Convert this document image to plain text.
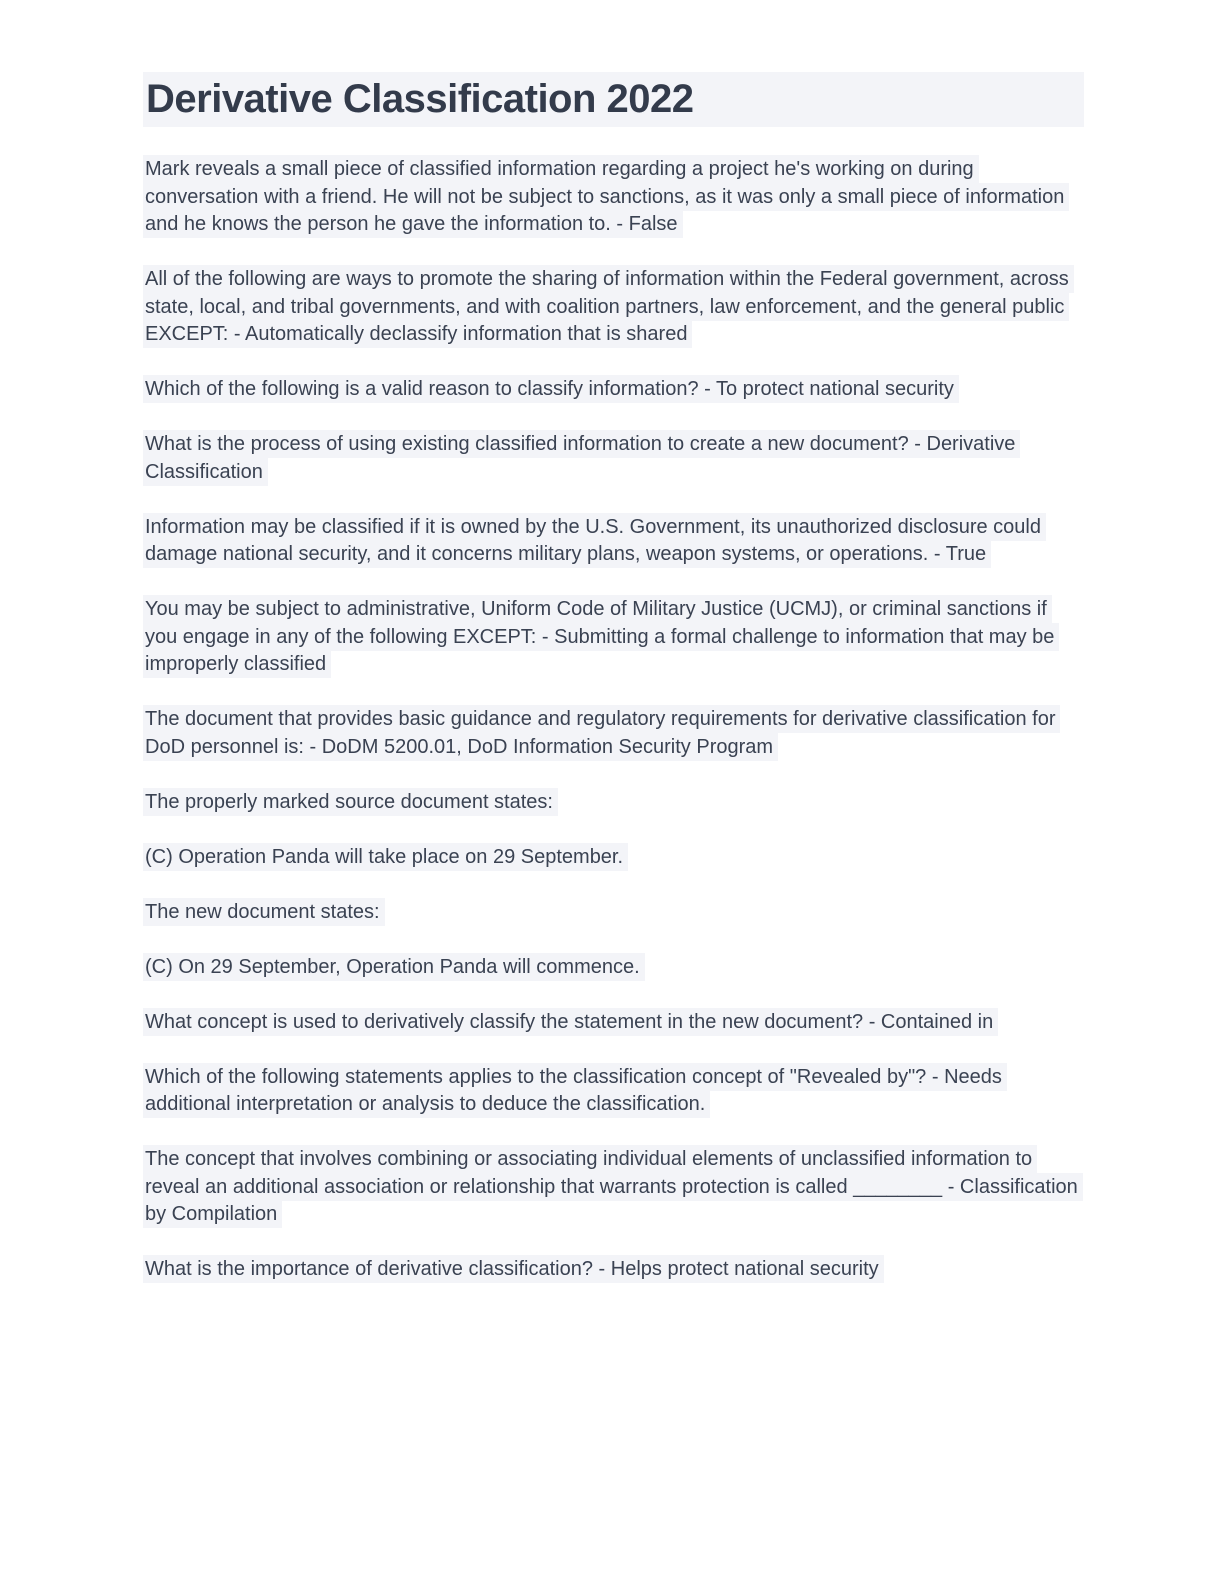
Derivative Classification 2022

Mark reveals a small piece of classified information regarding a project he's working on during conversation with a friend. He will not be subject to sanctions, as it was only a small piece of information and he knows the person he gave the information to. - False

All of the following are ways to promote the sharing of information within the Federal government, across state, local, and tribal governments, and with coalition partners, law enforcement, and the general public EXCEPT: - Automatically declassify information that is shared

Which of the following is a valid reason to classify information? - To protect national security

What is the process of using existing classified information to create a new document? - Derivative Classification

Information may be classified if it is owned by the U.S. Government, its unauthorized disclosure could damage national security, and it concerns military plans, weapon systems, or operations. - True

You may be subject to administrative, Uniform Code of Military Justice (UCMJ), or criminal sanctions if you engage in any of the following EXCEPT: - Submitting a formal challenge to information that may be improperly classified

The document that provides basic guidance and regulatory requirements for derivative classification for DoD personnel is: - DoDM 5200.01, DoD Information Security Program

The properly marked source document states:

(C) Operation Panda will take place on 29 September.

The new document states:

(C) On 29 September, Operation Panda will commence.

What concept is used to derivatively classify the statement in the new document? - Contained in

Which of the following statements applies to the classification concept of "Revealed by"? - Needs additional interpretation or analysis to deduce the classification.

The concept that involves combining or associating individual elements of unclassified information to reveal an additional association or relationship that warrants protection is called ________ - Classification by Compilation

What is the importance of derivative classification? - Helps protect national security
